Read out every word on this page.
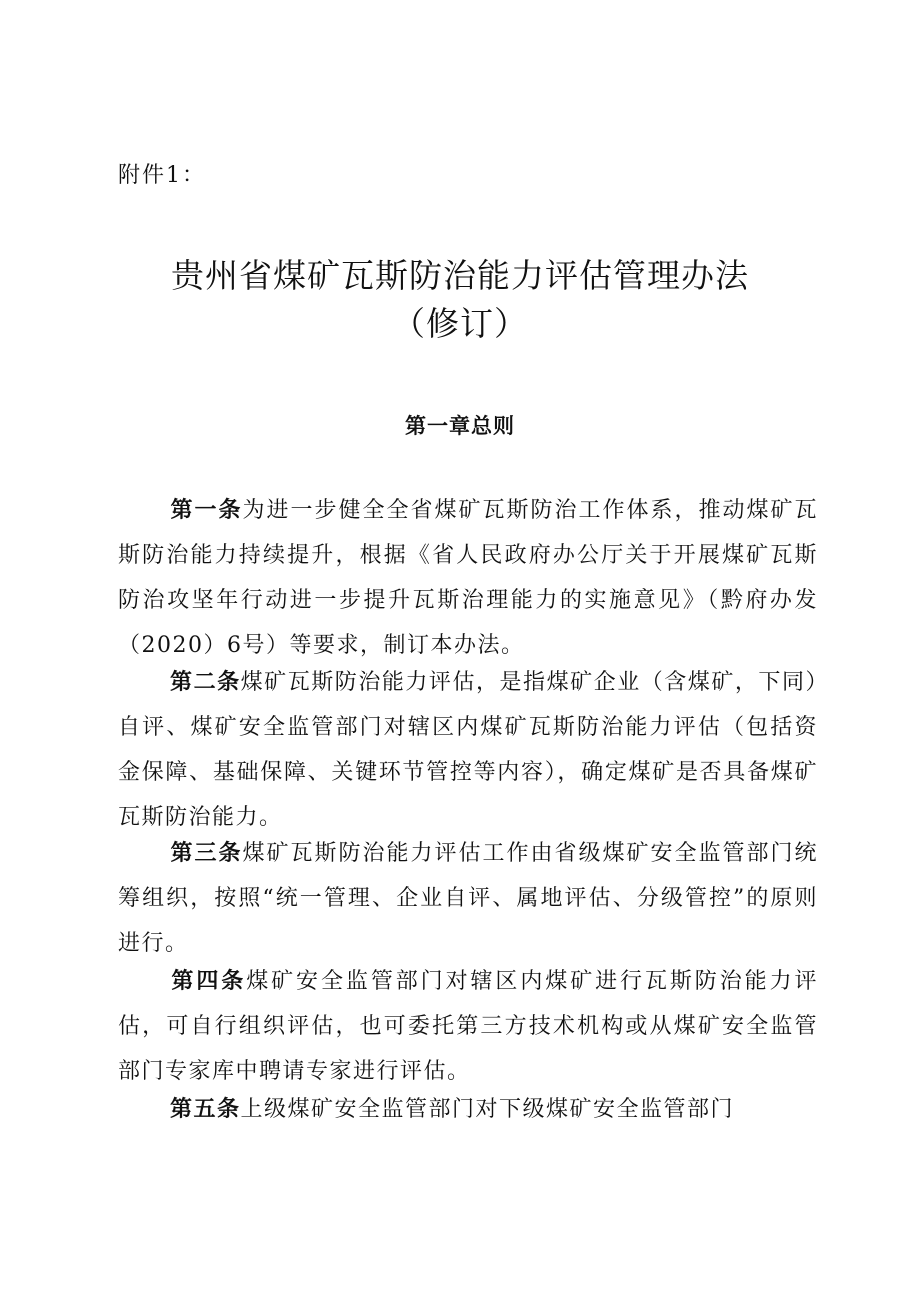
附件1：
贵州省煤矿瓦斯防治能力评估管理办法
（修订）
第一章总则
第一条为进一步健全全省煤矿瓦斯防治工作体系，推动煤矿瓦斯防治能力持续提升，根据《省人民政府办公厅关于开展煤矿瓦斯防治攻坚年行动进一步提升瓦斯治理能力的实施意见》（黔府办发（2020）6号）等要求，制订本办法。
第二条煤矿瓦斯防治能力评估，是指煤矿企业（含煤矿，下同）自评、煤矿安全监管部门对辖区内煤矿瓦斯防治能力评估（包括资金保障、基础保障、关键环节管控等内容），确定煤矿是否具备煤矿瓦斯防治能力。
第三条煤矿瓦斯防治能力评估工作由省级煤矿安全监管部门统筹组织，按照“统一管理、企业自评、属地评估、分级管控”的原则进行。
第四条煤矿安全监管部门对辖区内煤矿进行瓦斯防治能力评估，可自行组织评估，也可委托第三方技术机构或从煤矿安全监管部门专家库中聘请专家进行评估。
第五条上级煤矿安全监管部门对下级煤矿安全监管部门
